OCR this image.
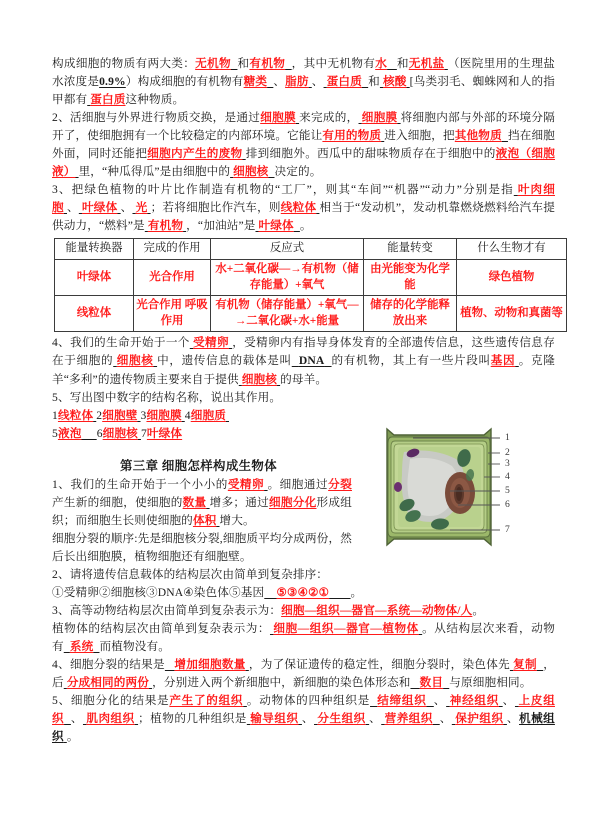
构成细胞的物质有两大类：无机物 和有机物 ，其中无机物有水 和无机盐 （医院里用的生理盐水浓度是0.9%）构成细胞的有机物有糖类 、脂肪 、 蛋白质 和 核酸 [鸟类羽毛、蜘蛛网和人的指甲都有 蛋白质这种物质。

2、活细胞与外界进行物质交换，是通过细胞膜 来完成的， 细胞膜 将细胞内部与外部的环境分隔开了，使细胞拥有一个比较稳定的内部环境。它能让有用的物质 进入细胞，把其他物质 挡在细胞外面，同时还能把细胞内产生的废物 排到细胞外。西瓜中的甜味物质存在于细胞中的液泡（细胞液） 里，“种瓜得瓜”是由细胞中的 细胞核 决定的。

3、把绿色植物的叶片比作制造有机物的“工厂”，则其“车间”“机器”“动力”分别是指 叶肉细胞 、 叶绿体 、 光 ；若将细胞比作汽车，则线粒体 相当于“发动机”，发动机靠燃烧燃料给汽车提供动力，“燃料”是 有机物 ，“加油站”是 叶绿体 。

能量转换器	完成的作用	反应式	能量转变	什么生物才有
叶绿体	光合作用	水+二氧化碳—→有机物（储存能量）+氧气	由光能变为化学能	绿色植物
线粒体	光合作用 呼吸作用	有机物（储存能量）+氧气—→二氧化碳+水+能量	储存的化学能释放出来	植物、动物和真菌等

4、我们的生命开始于一个 受精卵 ，受精卵内有指导身体发育的全部遗传信息，这些遗传信息存在于细胞的 细胞核 中，遗传信息的载体是叫 DNA 的有机物，其上有一些片段叫基因 。克隆羊“多利”的遗传物质主要来自于提供 细胞核 的母羊。

5、写出图中数字的结构名称，说出其作用。

1线粒体 2细胞壁 3细胞膜 4细胞质

5液泡 6细胞核 7叶绿体	1
2
3
4
5
6
7
第三章 细胞怎样构成生物体

1、我们的生命开始于一个小小的受精卵 。细胞通过分裂产生新的细胞，使细胞的数量 增多；通过细胞分化形成组织；而细胞生长则使细胞的体积 增大。

细胞分裂的顺序:先是细胞核分裂,细胞质平均分成两份，然后长出细胞膜，植物细胞还有细胞壁。

2、请将遗传信息载体的结构层次由简单到复杂排序：

①受精卵②细胞核③DNA④染色体⑤基因 ⑤③④②① 。

3、高等动物结构层次由简单到复杂表示为：细胞—组织—器官—系统—动物体/人。

植物体的结构层次由简单到复杂表示为： 细胞—组织—器官—植物体 。从结构层次来看，动物有 系统 而植物没有。

4、细胞分裂的结果是 增加细胞数量 ，为了保证遗传的稳定性，细胞分裂时，染色体先 复制 ，后 分成相同的两份 ，分别进入两个新细胞中，新细胞的染色体形态和 数目 与原细胞相同。

5、细胞分化的结果是产生了的组织 。动物体的四种组织是 结缔组织 、 神经组织 、 上皮组织 、 肌肉组织 ；植物的几种组织是 输导组织 、 分生组织 、 营养组织 、 保护组织 、机械组织 。
